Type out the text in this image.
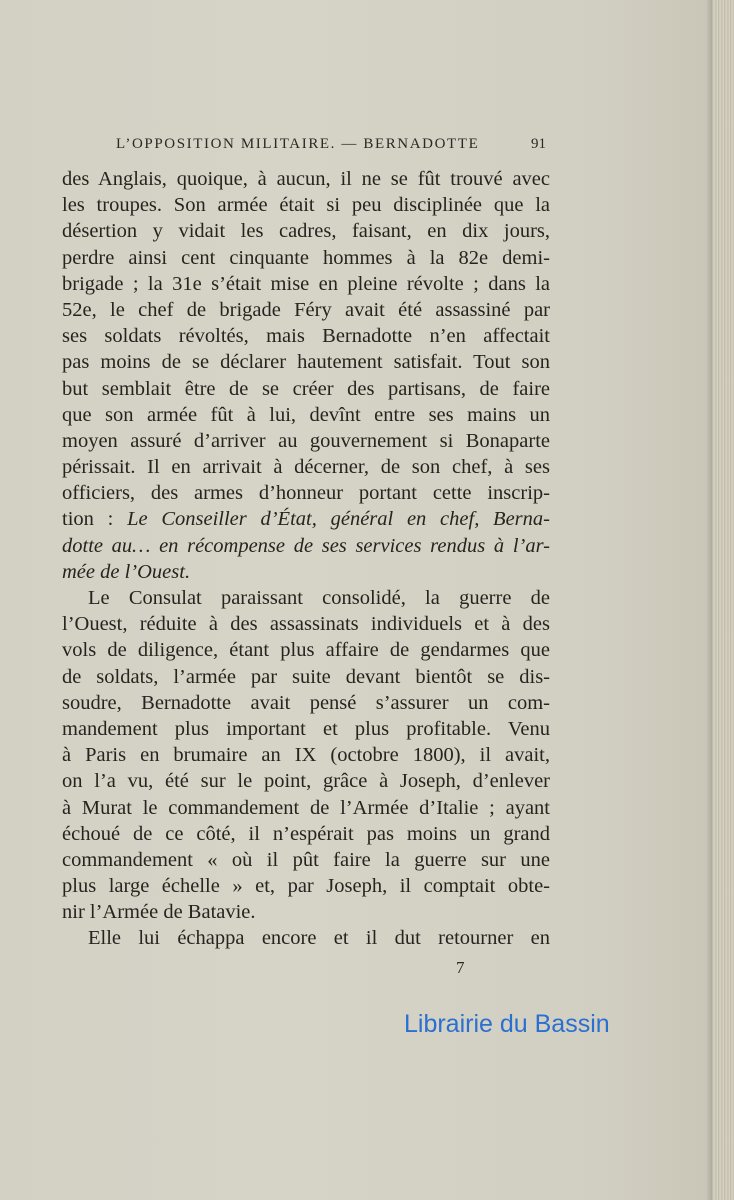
L’OPPOSITION MILITAIRE. — BERNADOTTE	91
des Anglais, quoique, à aucun, il ne se fût trouvé avec
les troupes. Son armée était si peu disciplinée que la
désertion y vidait les cadres, faisant, en dix jours,
perdre ainsi cent cinquante hommes à la 82e demi-
brigade ; la 31e s’était mise en pleine révolte ; dans la
52e, le chef de brigade Féry avait été assassiné par
ses soldats révoltés, mais Bernadotte n’en affectait
pas moins de se déclarer hautement satisfait. Tout son
but semblait être de se créer des partisans, de faire
que son armée fût à lui, devînt entre ses mains un
moyen assuré d’arriver au gouvernement si Bonaparte
périssait. Il en arrivait à décerner, de son chef, à ses
officiers, des armes d’honneur portant cette inscrip-
tion : Le Conseiller d’État, général en chef, Berna-
dotte au… en récompense de ses services rendus à l’ar-
mée de l’Ouest.
Le Consulat paraissant consolidé, la guerre de
l’Ouest, réduite à des assassinats individuels et à des
vols de diligence, étant plus affaire de gendarmes que
de soldats, l’armée par suite devant bientôt se dis-
soudre, Bernadotte avait pensé s’assurer un com-
mandement plus important et plus profitable. Venu
à Paris en brumaire an IX (octobre 1800), il avait,
on l’a vu, été sur le point, grâce à Joseph, d’enlever
à Murat le commandement de l’Armée d’Italie ; ayant
échoué de ce côté, il n’espérait pas moins un grand
commandement « où il pût faire la guerre sur une
plus large échelle » et, par Joseph, il comptait obte-
nir l’Armée de Batavie.
Elle lui échappa encore et il dut retourner en
7
Librairie du Bassin
